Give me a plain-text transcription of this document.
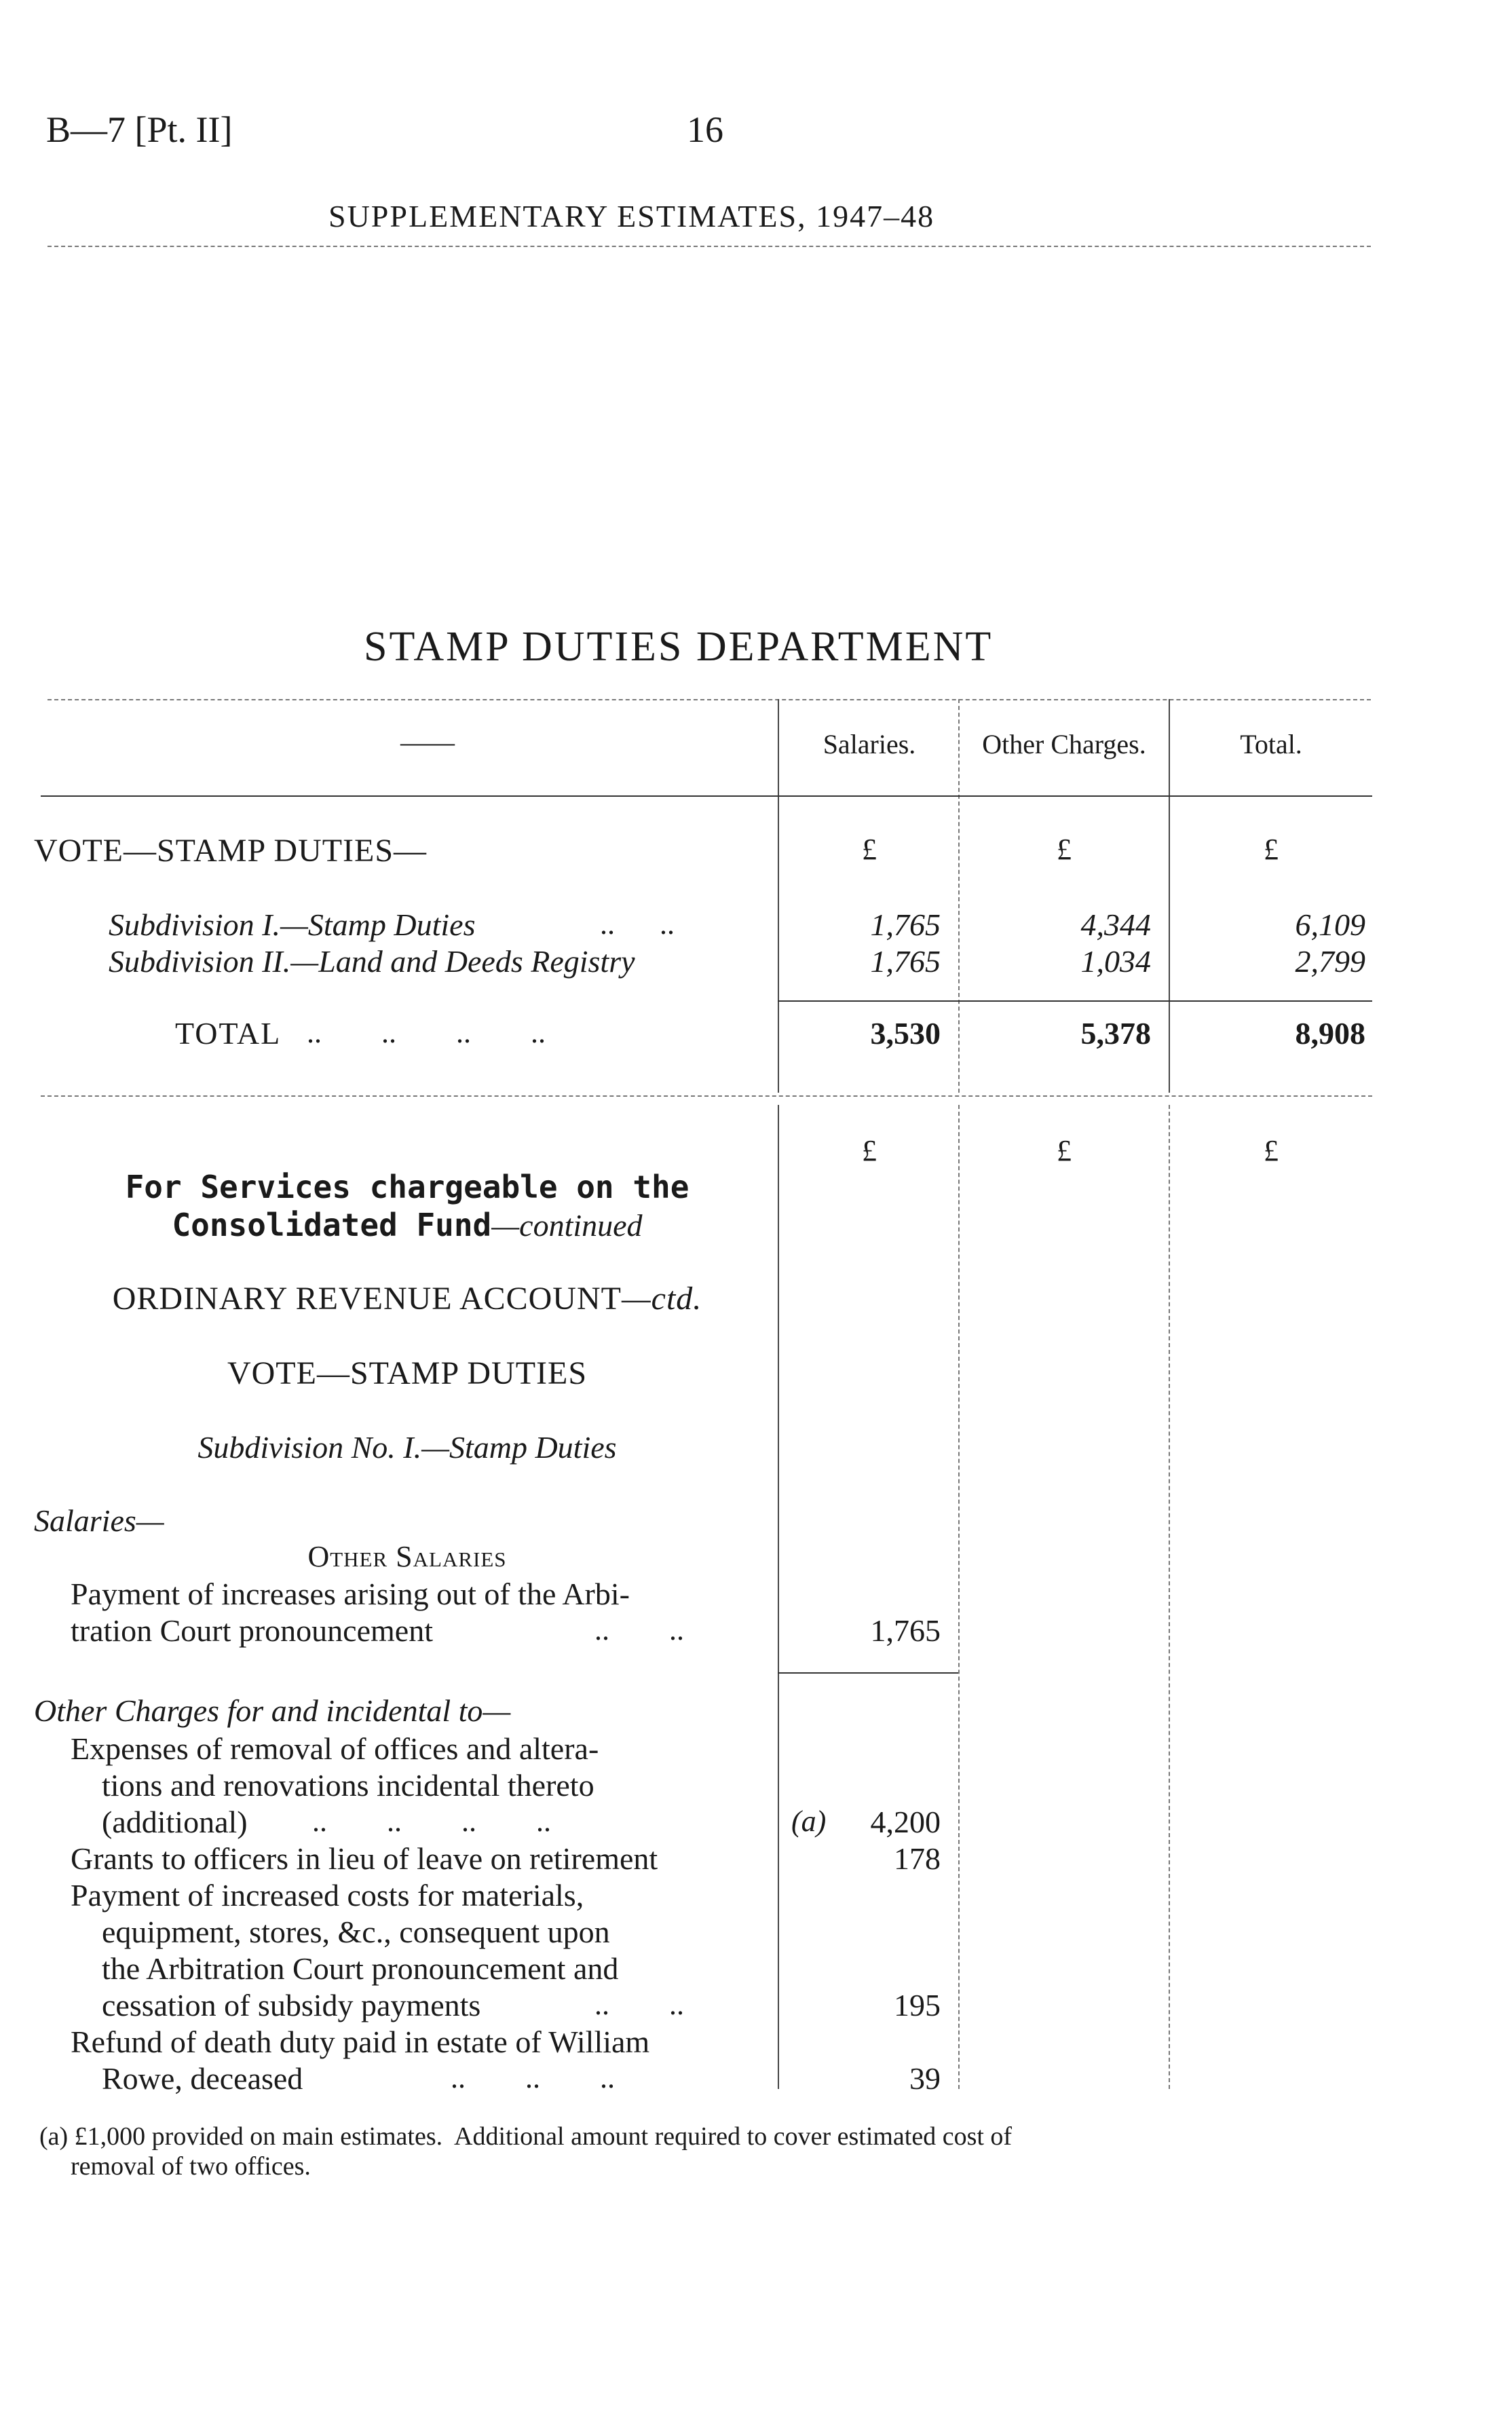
B—7 [Pt. II]	16
SUPPLEMENTARY ESTIMATES, 1947–48
STAMP DUTIES DEPARTMENT
——	Salaries.	Other Charges.	Total.
VOTE—STAMP DUTIES—	£	£	£
Subdivision I.—Stamp Duties	..      ..	1,765	4,344	6,109
Subdivision II.—Land and Deeds Registry	1,765	1,034	2,799
TOTAL ..        ..        ..        ..	3,530	5,378	8,908
£	£	£
For Services chargeable on the
Consolidated Fund—continued
ORDINARY REVENUE ACCOUNT—ctd.
VOTE—STAMP DUTIES
Subdivision No. I.—Stamp Duties
Salaries—
Other Salaries
Payment of increases arising out of the Arbi-
tration Court pronouncement	..        ..	1,765
Other Charges for and incidental to—
Expenses of removal of offices and altera-
tions and renovations incidental thereto
(additional) ..        ..        ..        ..	(a)	4,200
Grants to officers in lieu of leave on retirement	178
Payment of increased costs for materials,
equipment, stores, &c., consequent upon
the Arbitration Court pronouncement and
cessation of subsidy payments	..        ..	195
Refund of death duty paid in estate of William
Rowe, deceased	..        ..        ..	39
(a) £1,000 provided on main estimates.  Additional amount required to cover estimated cost of
removal of two offices.
